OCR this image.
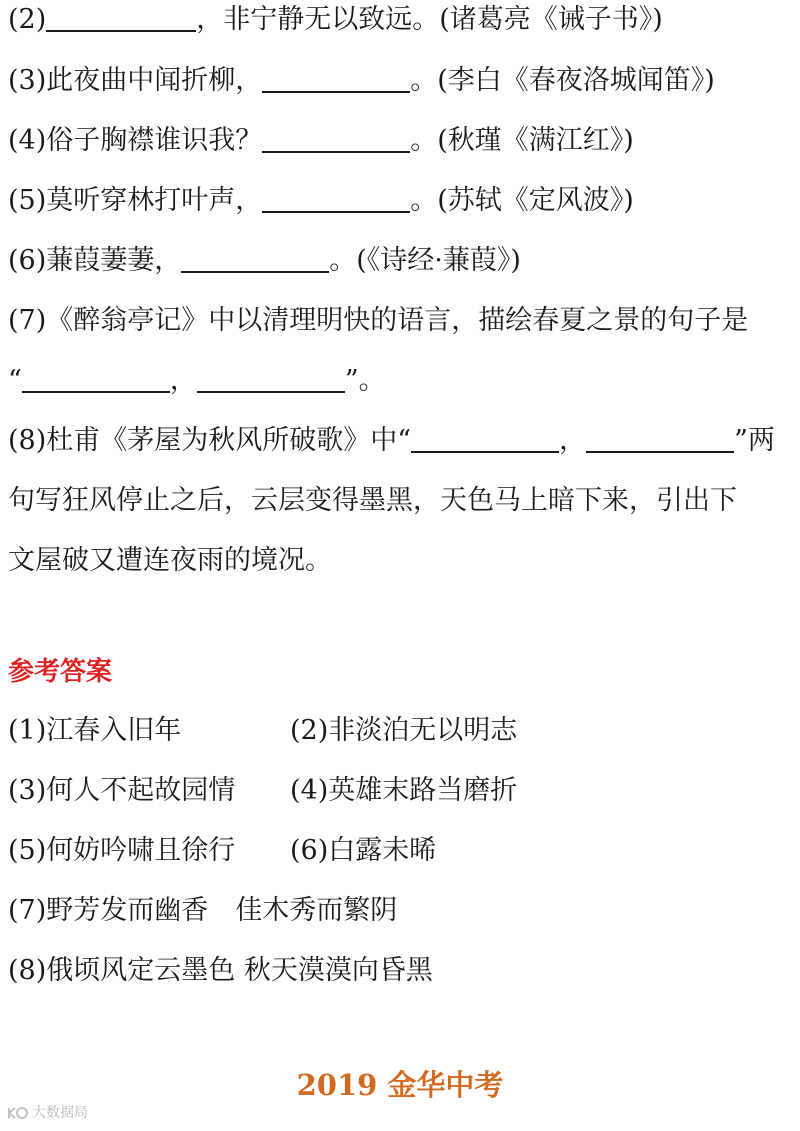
(2)	，非宁静无以致远。(诸葛亮《诫子书》)
(3)此夜曲中闻折柳，	。(李白《春夜洛城闻笛》)
(4)俗子胸襟谁识我？	。(秋瑾《满江红》)
(5)莫听穿林打叶声，	。(苏轼《定风波》)
(6)蒹葭萋萋，	。(《诗经·蒹葭》)
(7)《醉翁亭记》中以清理明快的语言，描绘春夏之景的句子是
“	，	”。
(8)杜甫《茅屋为秋风所破歌》中“	，	”两
句写狂风停止之后，云层变得墨黑，天色马上暗下来，引出下
文屋破又遭连夜雨的境况。
参考答案
(1)江春入旧年	(2)非淡泊无以明志
(3)何人不起故园情 (4)英雄末路当磨折
(5)何妨吟啸且徐行 (6)白露未晞
(7)野芳发而幽香　佳木秀而繁阴
(8)俄顷风定云墨色 秋天漠漠向昏黑
2019 金华中考
大数据局
